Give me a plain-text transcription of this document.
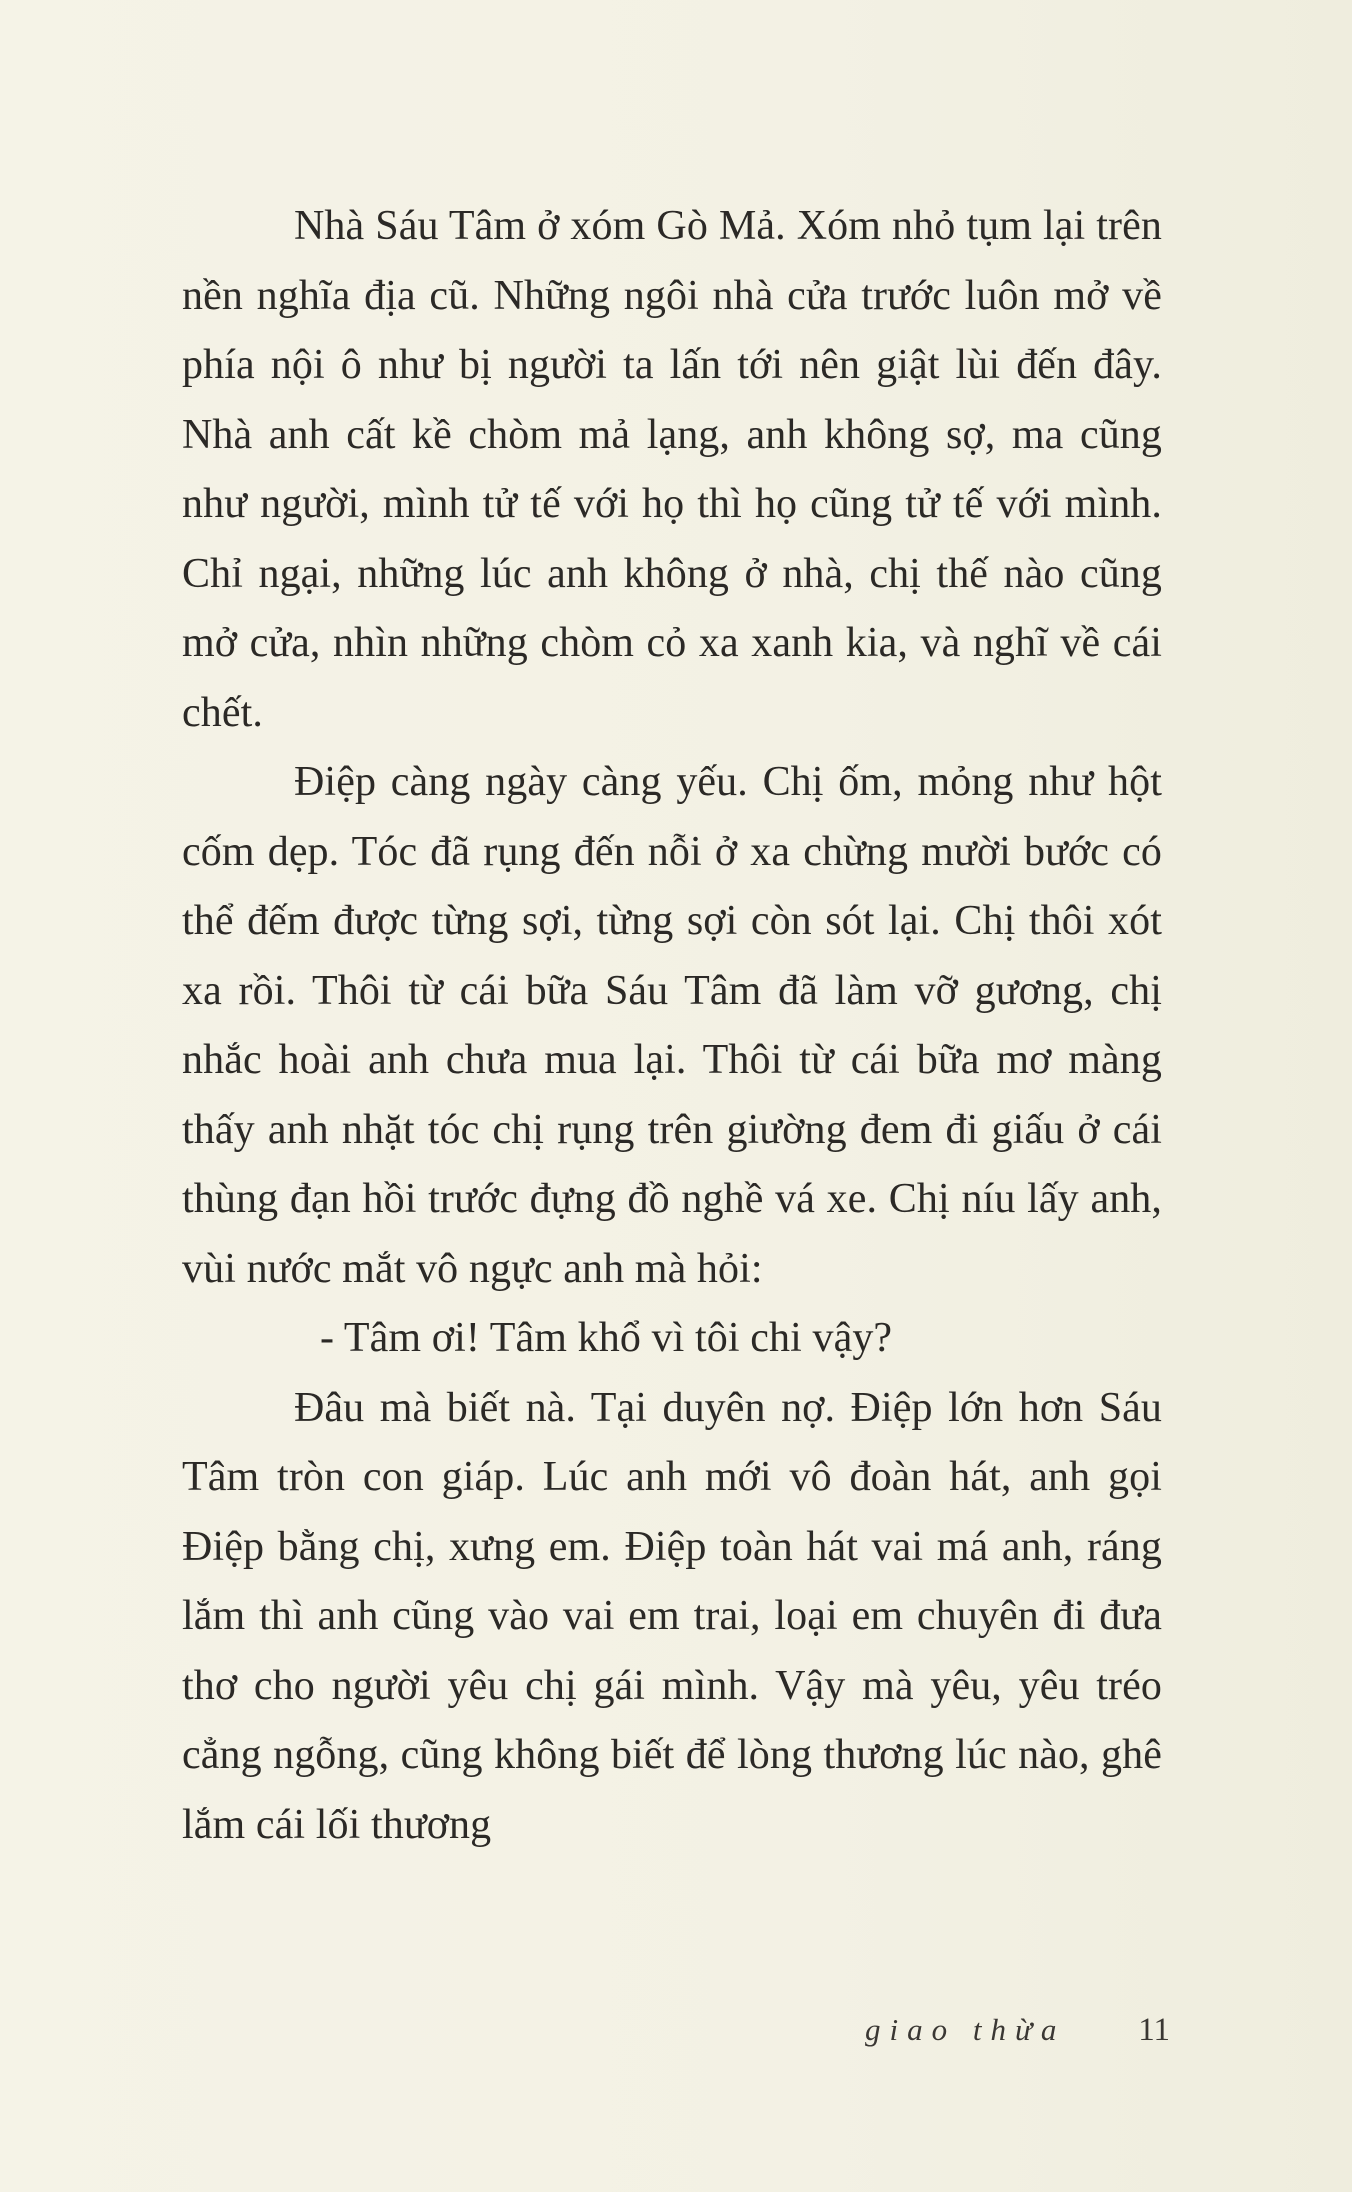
Nhà Sáu Tâm ở xóm Gò Mả. Xóm nhỏ tụm lại trên nền nghĩa địa cũ. Những ngôi nhà cửa trước luôn mở về phía nội ô như bị người ta lấn tới nên giật lùi đến đây. Nhà anh cất kề chòm mả lạng, anh không sợ, ma cũng như người, mình tử tế với họ thì họ cũng tử tế với mình. Chỉ ngại, những lúc anh không ở nhà, chị thế nào cũng mở cửa, nhìn những chòm cỏ xa xanh kia, và nghĩ về cái chết.

Điệp càng ngày càng yếu. Chị ốm, mỏng như hột cốm dẹp. Tóc đã rụng đến nỗi ở xa chừng mười bước có thể đếm được từng sợi, từng sợi còn sót lại. Chị thôi xót xa rồi. Thôi từ cái bữa Sáu Tâm đã làm vỡ gương, chị nhắc hoài anh chưa mua lại. Thôi từ cái bữa mơ màng thấy anh nhặt tóc chị rụng trên giường đem đi giấu ở cái thùng đạn hồi trước đựng đồ nghề vá xe. Chị níu lấy anh, vùi nước mắt vô ngực anh mà hỏi:

- Tâm ơi! Tâm khổ vì tôi chi vậy?

Đâu mà biết nà. Tại duyên nợ. Điệp lớn hơn Sáu Tâm tròn con giáp. Lúc anh mới vô đoàn hát, anh gọi Điệp bằng chị, xưng em. Điệp toàn hát vai má anh, ráng lắm thì anh cũng vào vai em trai, loại em chuyên đi đưa thơ cho người yêu chị gái mình. Vậy mà yêu, yêu tréo cẳng ngỗng, cũng không biết để lòng thương lúc nào, ghê lắm cái lối thương

giao thừa 11
